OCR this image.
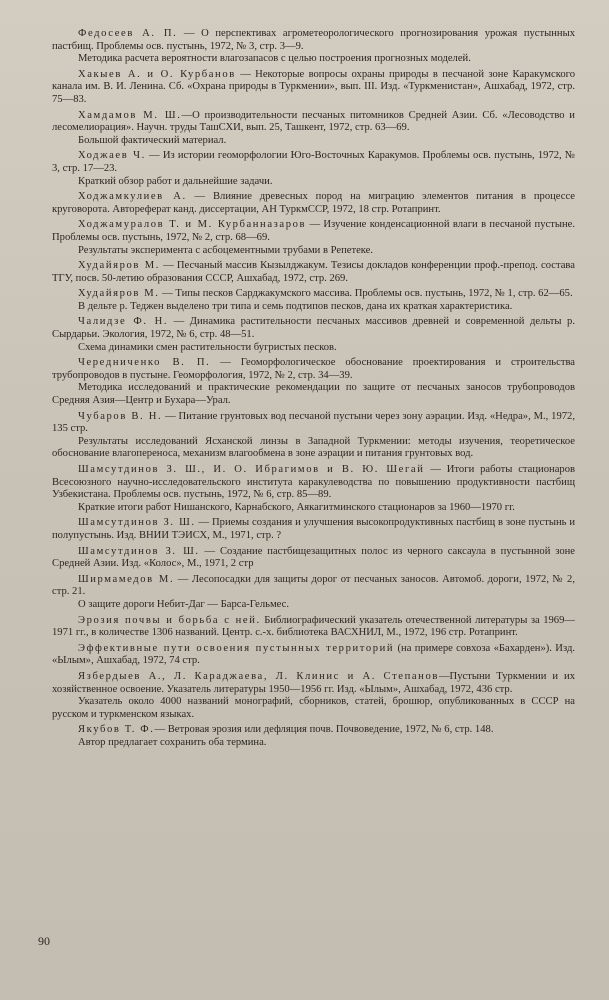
Федосеев А. П. — О перспективах агрометеорологического прогнозирования урожая пустынных пастбищ. Проблемы осв. пустынь, 1972, № 3, стр. 3—9.
Методика расчета вероятности влагозапасов с целью построения прогнозных моделей.

Хакыев А. и О. Курбанов — Некоторые вопросы охраны природы в песчаной зоне Каракумского канала им. В. И. Ленина. Сб. «Охрана природы в Туркмении», вып. III. Изд. «Туркменистан», Ашхабад, 1972, стр. 75—83.

Хамдамов М. Ш.—О производительности песчаных питомников Средней Азии. Сб. «Лесоводство и лесомелиорация». Научн. труды ТашСХИ, вып. 25, Ташкент, 1972, стр. 63—69.
Большой фактический материал.

Ходжаев Ч. — Из истории геоморфологии Юго-Восточных Каракумов. Проблемы осв. пустынь, 1972, № 3, стр. 17—23.
Краткий обзор работ и дальнейшие задачи.

Ходжамкулиев А. — Влияние древесных пород на миграцию элементов питания в процессе круговорота. Автореферат канд. диссертации, АН ТуркмССР, 1972, 18 стр. Ротапринт.

Ходжамуралов Т. и М. Курбанназаров — Изучение конденсационной влаги в песчаной пустыне. Проблемы осв. пустынь, 1972, № 2, стр. 68—69.
Результаты эксперимента с асбоцементными трубами в Репетеке.

Худайяров М. — Песчаный массив Кызылджакум. Тезисы докладов конференции проф.-препод. состава ТГУ, посв. 50-летию образования СССР, Ашхабад, 1972, стр. 269.

Худайяров М. — Типы песков Сарджакумского массива. Проблемы осв. пустынь, 1972, № 1, стр. 62—65.
В дельте р. Теджен выделено три типа и семь подтипов песков, дана их краткая характеристика.

Чалидзе Ф. Н. — Динамика растительности песчаных массивов древней и современной дельты р. Сырдарьи. Экология, 1972, № 6, стр. 48—51.
Схема динамики смен растительности бугристых песков.

Чередниченко В. П. — Геоморфологическое обоснование проектирования и строительства трубопроводов в пустыне. Геоморфология, 1972, № 2, стр. 34—39.
Методика исследований и практические рекомендации по защите от песчаных заносов трубопроводов Средняя Азия—Центр и Бухара—Урал.

Чубаров В. Н. — Питание грунтовых вод песчаной пустыни через зону аэрации. Изд. «Недра», М., 1972, 135 стр.
Результаты исследований Ясханской линзы в Западной Туркмении: методы изучения, теоретическое обоснование влагопереноса, механизм влагообмена в зоне аэрации и питания грунтовых вод.

Шамсутдинов З. Ш., И. О. Ибрагимов и В. Ю. Шегай — Итоги работы стационаров Всесоюзного научно-исследовательского института каракулеводства по повышению продуктивности пастбищ Узбекистана. Проблемы осв. пустынь, 1972, № 6, стр. 85—89.
Краткие итоги работ Нишанского, Карнабского, Аякагитминского стационаров за 1960—1970 гг.

Шамсутдинов З. Ш. — Приемы создания и улучшения высокопродуктивных пастбищ в зоне пустынь и полупустынь. Изд. ВНИИ ТЭИСХ, М., 1971, стр. ?

Шамсутдинов З. Ш. — Создание пастбищезащитных полос из черного саксаула в пустынной зоне Средней Азии. Изд. «Колос», М., 1971, 2 стр

Ширмамедов М. — Лесопосадки для защиты дорог от песчаных заносов. Автомоб. дороги, 1972, № 2, стр. 21.
О защите дороги Небит-Даг — Барса-Гельмес.

Эрозия почвы и борьба с ней. Библиографический указатель отечественной литературы за 1969—1971 гг., в количестве 1306 названий. Центр. с.-х. библиотека ВАСХНИЛ, М., 1972, 196 стр. Ротапринт.

Эффективные пути освоения пустынных территорий (на примере совхоза «Бахарден»). Изд. «Ылым», Ашхабад, 1972, 74 стр.

Язбердыев А., Л. Караджаева, Л. Клинис и А. Степанов—Пустыни Туркмении и их хозяйственное освоение. Указатель литературы 1950—1956 гг. Изд. «Ылым», Ашхабад, 1972, 436 стр.
Указатель около 4000 названий монографий, сборников, статей, брошюр, опубликованных в СССР на русском и туркменском языках.

Якубов Т. Ф.— Ветровая эрозия или дефляция почв. Почвоведение, 1972, № 6, стр. 148.
Автор предлагает сохранить оба термина.

90
